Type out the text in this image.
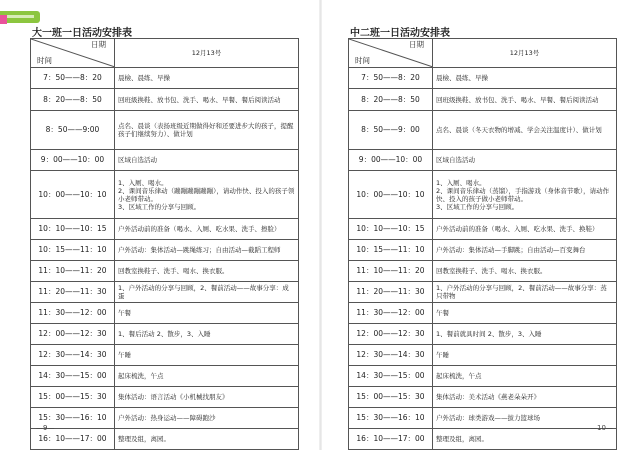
大一班一日活动安排表
日期
时间	12月13号
7：50——8：20	晨檢、晨练、早操
8：20——8：50	回班級换鞋、放书包、洗手、喝水、早餐、餐后阅读活动
8：50——9:00	点名、晨谈（表扬班级近期做得好和还要进步大的孩子，提醒孩子们继续努力）、做计划
9：00——10：00	区域自选活动
10：00——10：10	1、入厕、喝水。
2、课间音乐律动（蹦蹦蹦蹦蹦蹦），请动作快、投入的孩子领小老师带动。
3、区域工作的分享与回顾。
10：10——10：15	户外活动前的准备（喝水、入厕、吃水果、洗手、擦脸）
10：15——11：10	户外活动：集体活动—跳绳练习；自由活动—截蹈工程师
11：10——11：20	回教室换鞋子、洗手、喝水、换衣服。
11：20——11：30	1、户外活动的分享与回顾，2、餐前活动——故事分享：成蛋
11：30——12：00	午餐
12：00——12：30	1、餐后活动 2、散步，3、入睡
12：30——14：30	午睡
14：30——15：00	起床梳洗，午点
15：00——15：30	集体活动：语言活动《小机械找朋友》
15：30——16：10	户外活动：热身运动——障碍跑沙
16：10——17：00	整理及组，离园。
—9—
中二班一日活动安排表
日期
时间	12月13号
7：50——8：20	晨檢、晨练、早操
8：20——8：50	回班级换鞋、放书包、洗手、喝水、早餐、餐后阅读活动
8：50——9：00	点名、晨谈（冬天衣物的增减、学会关注温度计）、做计划
9：00——10：00	区域自选活动
10：00——10：10	1、入厕、喝水。
2、课间音乐律动（蒸馏），手指游戏（身体音节歌），请动作快、投入的孩子做小老师带动。
3、区域工作的分享与回顾。
10：10——10：15	户外活动前的准备（喝水、入厕、吃水果、洗手、换鞋）
10：15——11：10	户外活动：集体活动—手脚跳；自由活动—百变舞台
11：10——11：20	回教室换鞋子、洗手、喝水、换衣服。
11：20——11：30	1、户外活动的分享与回顾，2、餐前活动——故事分享：蒸只带物
11：30——12：00	午餐
12：00——12：30	1、餐前就具时间 2、散步，3、入睡
12：30——14：30	午睡
14：30——15：00	起床梳洗，午点
15：00——15：30	集体活动：美术活动《燕老朵朵开》
15：30——16：10	户外活动：球类游戏——拔力篮球场
16：10——17：00	整理及组，离园。
—10—
